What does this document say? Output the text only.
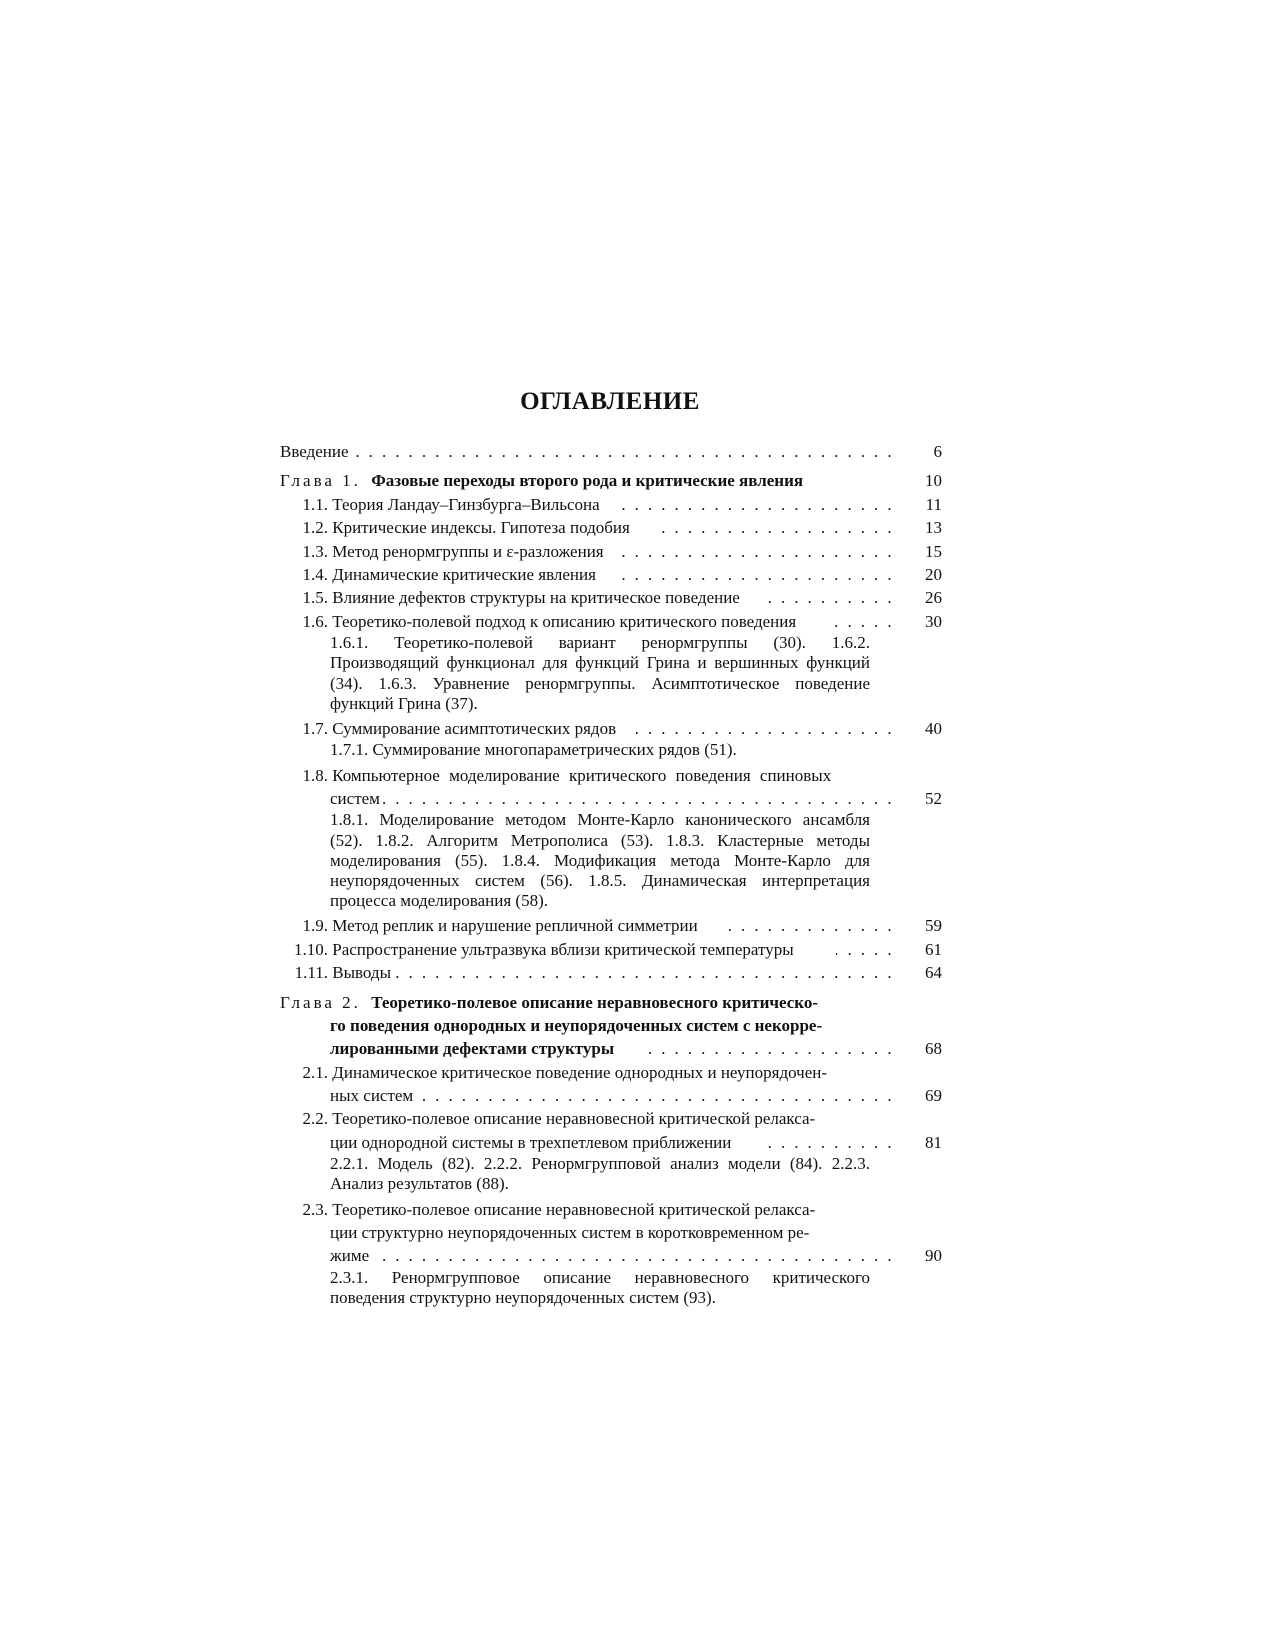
ОГЛАВЛЕНИЕ
Введение . . .	6
Глава 1. Фазовые переходы второго рода и критические явления	10
1.1. Теория Ландау–Гинзбурга–Вильсона . . .	11
1.2. Критические индексы. Гипотеза подобия . . .	13
1.3. Метод ренормгруппы и ε-разложения . . .	15
1.4. Динамические критические явления . . .	20
1.5. Влияние дефектов структуры на критическое поведение . . .	26
1.6. Теоретико-полевой подход к описанию критического поведения . . .	30
1.6.1. Теоретико-полевой вариант ренормгруппы (30). 1.6.2. Производящий функционал для функций Грина и вершинных функций (34). 1.6.3. Уравнение ренормгруппы. Асимптотическое поведение функций Грина (37).
1.7. Суммирование асимптотических рядов . . .	40
1.7.1. Суммирование многопараметрических рядов (51).
1.8. Компьютерное моделирование критического поведения спиновых
систем . . .	52
1.8.1. Моделирование методом Монте-Карло канонического ансамбля (52). 1.8.2. Алгоритм Метрополиса (53). 1.8.3. Кластерные методы моделирования (55). 1.8.4. Модификация метода Монте-Карло для неупорядоченных систем (56). 1.8.5. Динамическая интерпретация процесса моделирования (58).
1.9. Метод реплик и нарушение репличной симметрии . . .	59
1.10. Распространение ультразвука вблизи критической температуры . . .	61
1.11. Выводы . . .	64
Глава 2. Теоретико-полевое описание неравновесного критическо-
го поведения однородных и неупорядоченных систем с некорре-
лированными дефектами структуры . . .	68
2.1. Динамическое критическое поведение однородных и неупорядочен-
ных систем . . .	69
2.2. Теоретико-полевое описание неравновесной критической релакса-
ции однородной системы в трехпетлевом приближении . . .	81
2.2.1. Модель (82). 2.2.2. Ренормгрупповой анализ модели (84). 2.2.3. Анализ результатов (88).
2.3. Теоретико-полевое описание неравновесной критической релакса-
ции структурно неупорядоченных систем в коротковременном ре-
жиме . . .	90
2.3.1. Ренормгрупповое описание неравновесного критического поведения структурно неупорядоченных систем (93).
